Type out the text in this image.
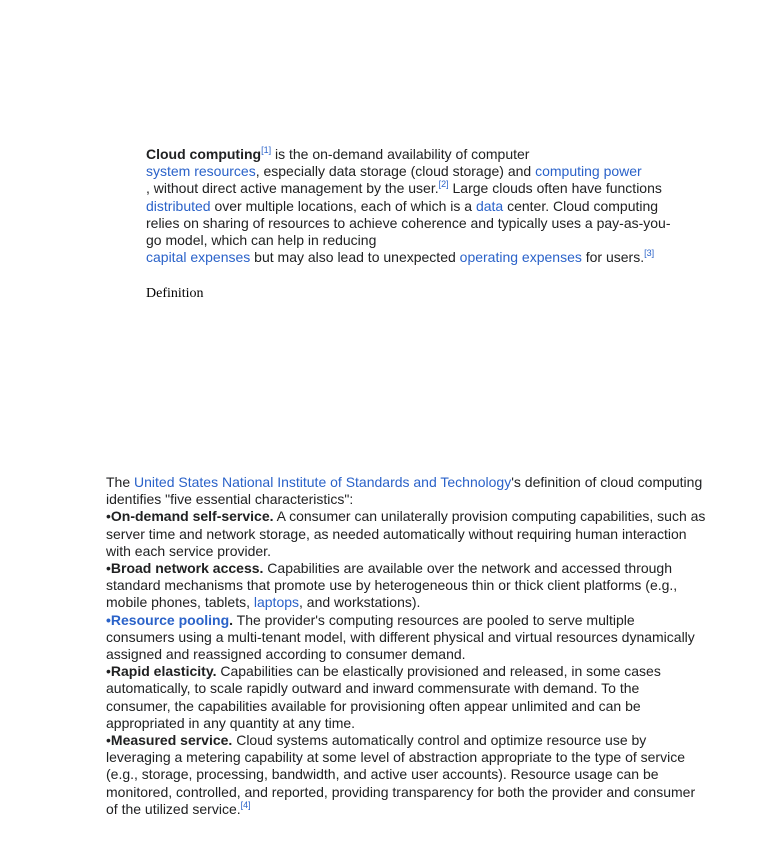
Cloud computing[1] is the on-demand availability of computer
system resources, especially data storage (cloud storage) and computing power
, without direct active management by the user.[2] Large clouds often have functions distributed over multiple locations, each of which is a data center. Cloud computing relies on sharing of resources to achieve coherence and typically uses a pay-as-you-go model, which can help in reducing
capital expenses but may also lead to unexpected operating expenses for users.[3]
Definition
The United States National Institute of Standards and Technology's definition of cloud computing identifies "five essential characteristics":
•On-demand self-service. A consumer can unilaterally provision computing capabilities, such as server time and network storage, as needed automatically without requiring human interaction with each service provider.
•Broad network access. Capabilities are available over the network and accessed through standard mechanisms that promote use by heterogeneous thin or thick client platforms (e.g., mobile phones, tablets, laptops, and workstations).
•Resource pooling. The provider's computing resources are pooled to serve multiple consumers using a multi-tenant model, with different physical and virtual resources dynamically assigned and reassigned according to consumer demand.
•Rapid elasticity. Capabilities can be elastically provisioned and released, in some cases automatically, to scale rapidly outward and inward commensurate with demand. To the consumer, the capabilities available for provisioning often appear unlimited and can be appropriated in any quantity at any time.
•Measured service. Cloud systems automatically control and optimize resource use by leveraging a metering capability at some level of abstraction appropriate to the type of service (e.g., storage, processing, bandwidth, and active user accounts). Resource usage can be monitored, controlled, and reported, providing transparency for both the provider and consumer of the utilized service.[4]
